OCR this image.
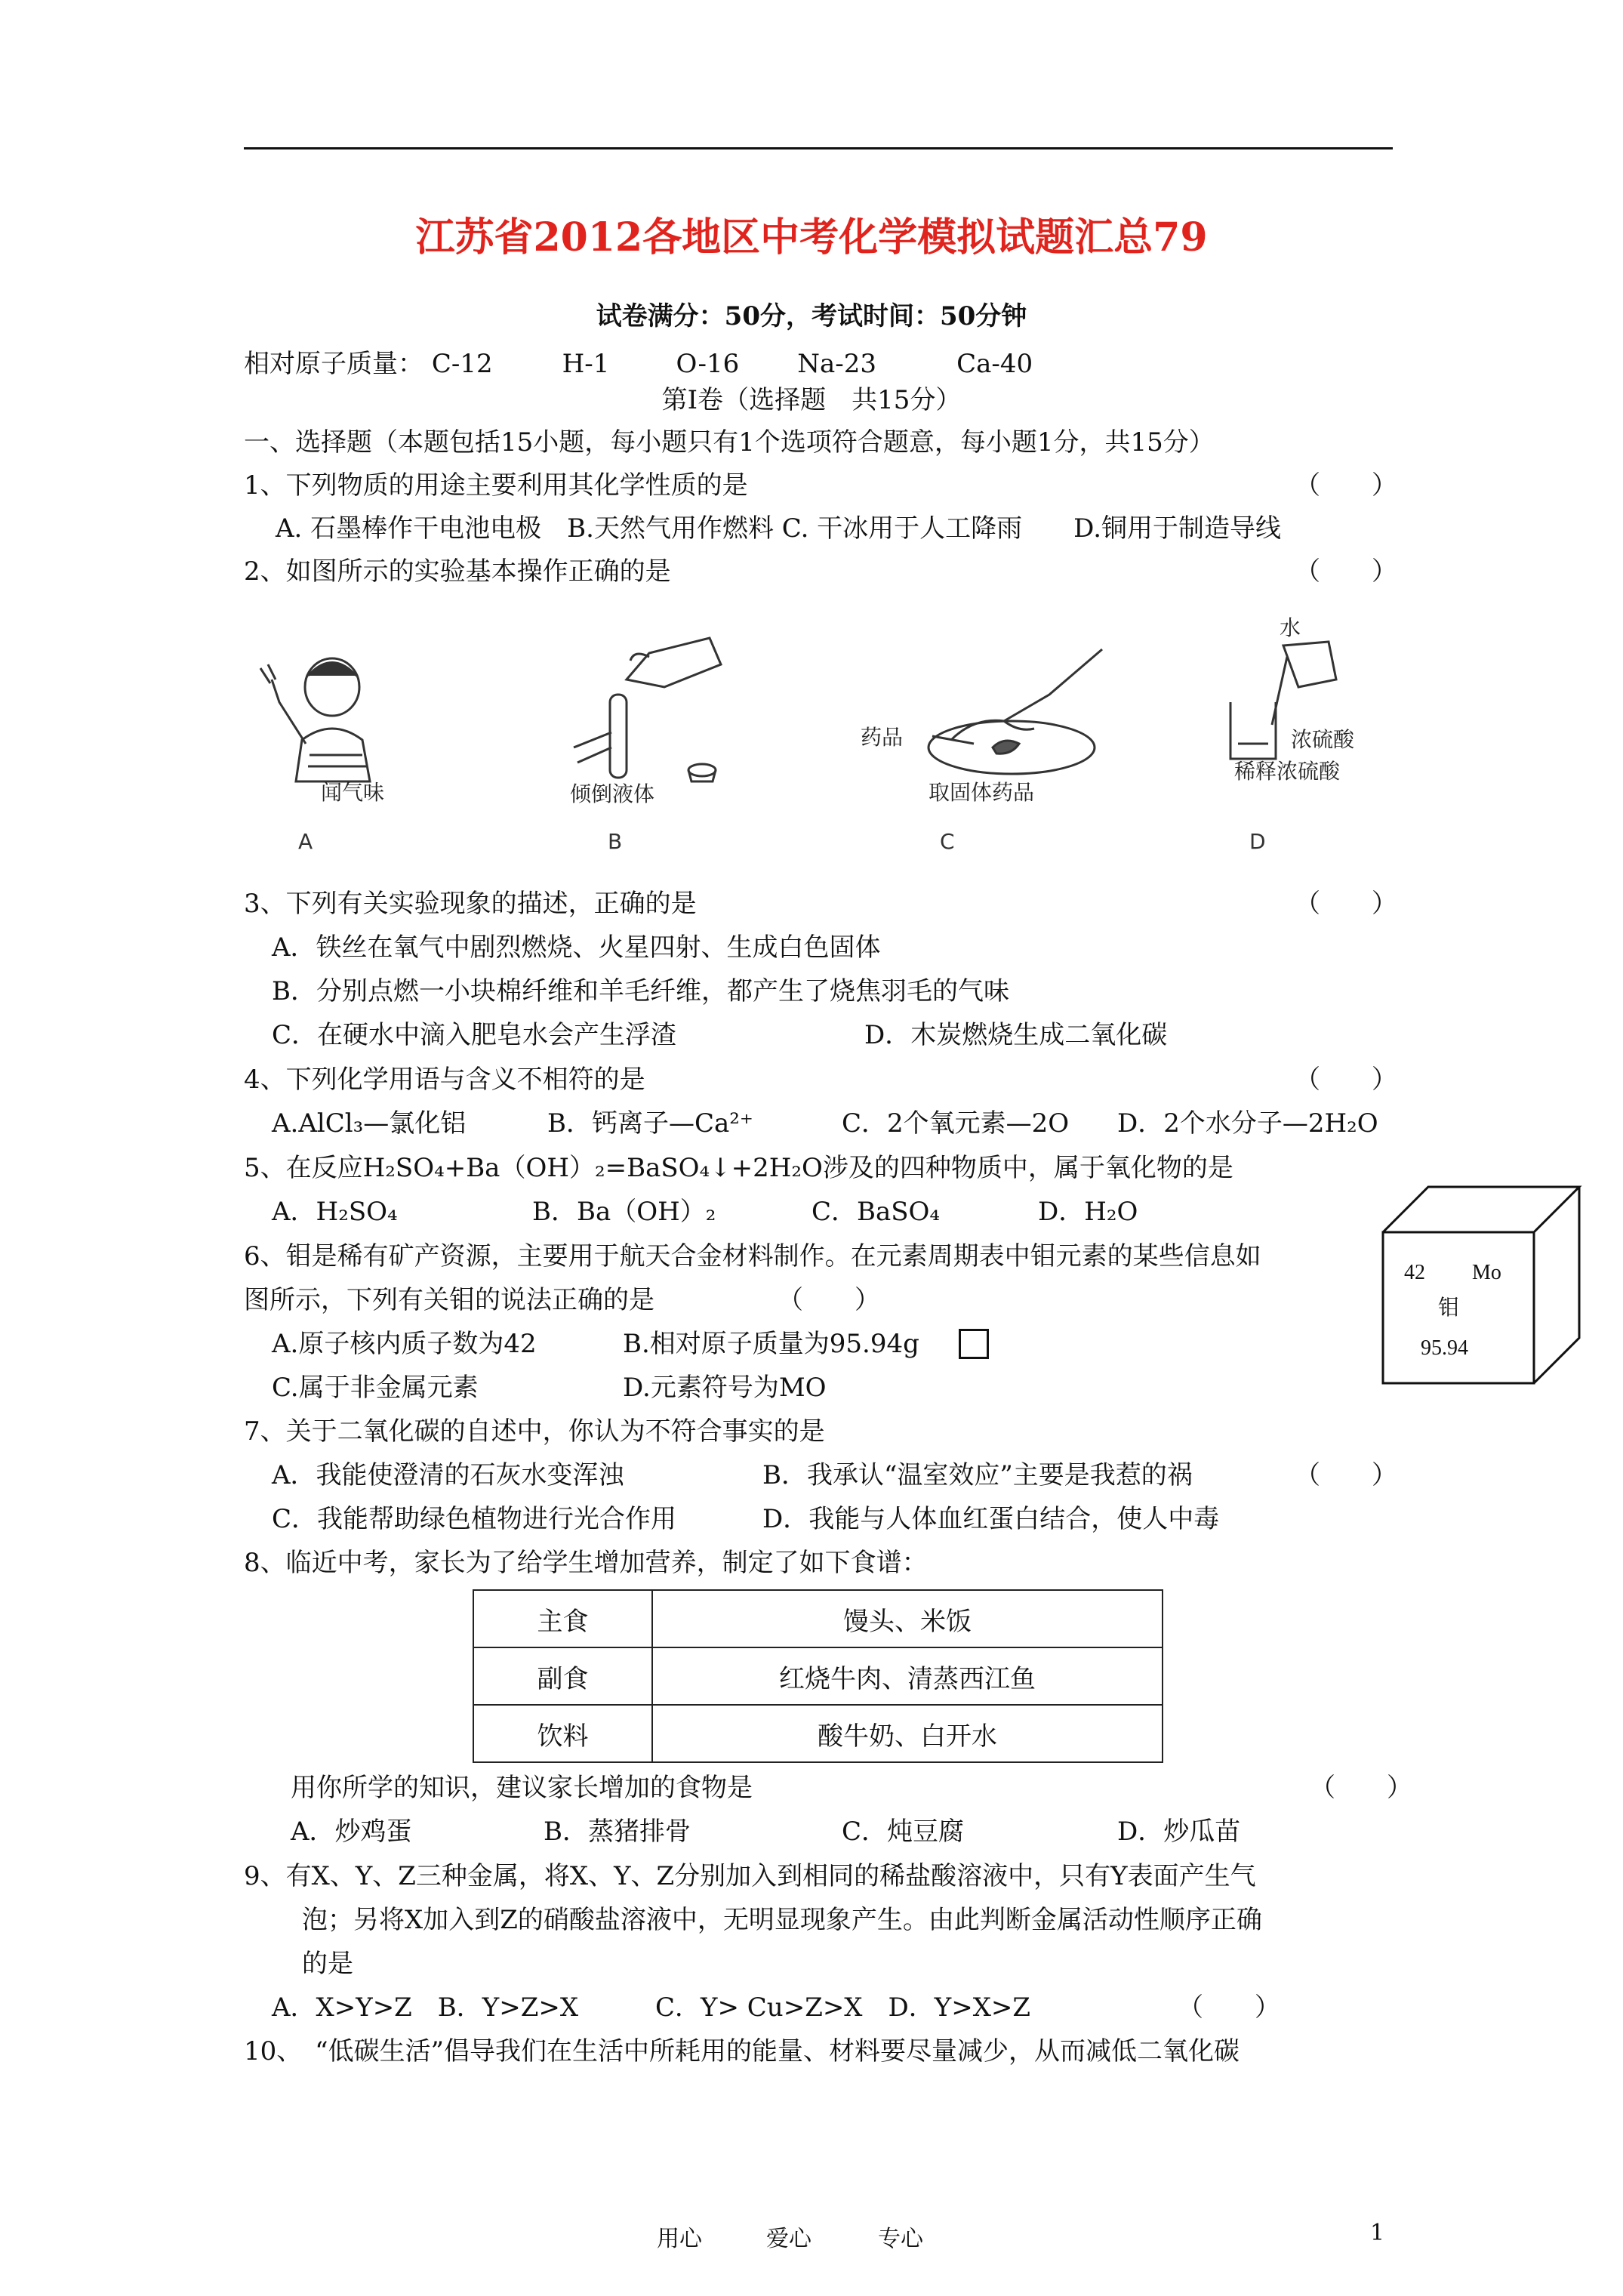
江苏省2012各地区中考化学模拟试题汇总79
试卷满分：50分，考试时间：50分钟
相对原子质量： C-12	H-1	O-16 Na-23	Ca-40
第Ⅰ卷（选择题　共15分）
一、选择题（本题包括15小题，每小题只有1个选项符合题意，每小题1分，共15分）
1、下列物质的用途主要利用其化学性质的是	（　　）
A. 石墨棒作干电池电极　B.天然气用作燃料 C. 干冰用于人工降雨　　D.铜用于制造导线
2、如图所示的实验基本操作正确的是	（　　）
闻气味
A
倾倒液体
B
药品
取固体药品
C
水
浓硫酸
稀释浓硫酸
D
3、下列有关实验现象的描述，正确的是	（　　）
A．铁丝在氧气中剧烈燃烧、火星四射、生成白色固体
B．分别点燃一小块棉纤维和羊毛纤维，都产生了烧焦羽毛的气味
C．在硬水中滴入肥皂水会产生浮渣	D．木炭燃烧生成二氧化碳
4、下列化学用语与含义不相符的是	（　　）
A.AlCl₃—氯化铝	B．钙离子—Ca²⁺	C．2个氧元素—2O D．2个水分子—2H₂O
5、在反应H₂SO₄+Ba（OH）₂=BaSO₄↓+2H₂O涉及的四种物质中，属于氧化物的是
A．H₂SO₄	B．Ba（OH）₂	C．BaSO₄	D．H₂O
42 Mo
钼
95.94
6、钼是稀有矿产资源，主要用于航天合金材料制作。在元素周期表中钼元素的某些信息如
图所示，下列有关钼的说法正确的是	（　　）
A.原子核内质子数为42	B.相对原子质量为95.94g
C.属于非金属元素	D.元素符号为MO
7、关于二氧化碳的自述中，你认为不符合事实的是
A．我能使澄清的石灰水变浑浊	B．我承认“温室效应”主要是我惹的祸	（　　）
C．我能帮助绿色植物进行光合作用	D．我能与人体血红蛋白结合，使人中毒
8、临近中考，家长为了给学生增加营养，制定了如下食谱：
主食	馒头、米饭
副食	红烧牛肉、清蒸西江鱼
饮料	酸牛奶、白开水
用你所学的知识，建议家长增加的食物是	（　　）
A．炒鸡蛋	B．蒸猪排骨	C．炖豆腐	D．炒瓜苗
9、有X、Y、Z三种金属，将X、Y、Z分别加入到相同的稀盐酸溶液中，只有Y表面产生气
泡；另将X加入到Z的硝酸盐溶液中，无明显现象产生。由此判断金属活动性顺序正确
的是
A．X>Y>Z　B．Y>Z>X　　　C．Y> Cu>Z>X　D．Y>X>Z	（　　）
10、　“低碳生活”倡导我们在生活中所耗用的能量、材料要尽量减少，从而减低二氧化碳
用心	爱心	专心	1
